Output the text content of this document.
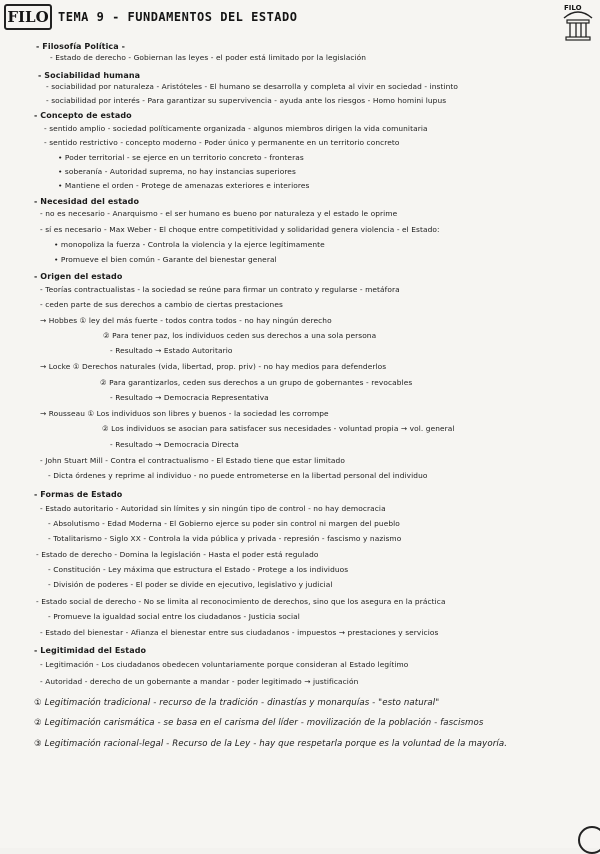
FILO TEMA 9 - FUNDAMENTOS DEL ESTADO
FILO
- Filosofía Política -
- Estado de derecho - Gobiernan las leyes - el poder está limitado por la legislación
- Sociabilidad humana
- sociabilidad por naturaleza - Aristóteles - El humano se desarrolla y completa al vivir en sociedad - instinto
- sociabilidad por interés - Para garantizar su supervivencia - ayuda ante los riesgos - Homo homini lupus
- Concepto de estado
- sentido amplio - sociedad políticamente organizada - algunos miembros dirigen la vida comunitaria
- sentido restrictivo - concepto moderno - Poder único y permanente en un territorio concreto
• Poder territorial - se ejerce en un territorio concreto - fronteras
• soberanía - Autoridad suprema, no hay instancias superiores
• Mantiene el orden - Protege de amenazas exteriores e interiores
- Necesidad del estado
- no es necesario - Anarquismo - el ser humano es bueno por naturaleza y el estado le oprime
- sí es necesario - Max Weber - El choque entre competitividad y solidaridad genera violencia - el Estado:
• monopoliza la fuerza - Controla la violencia y la ejerce legítimamente
• Promueve el bien común - Garante del bienestar general
- Origen del estado
- Teorías contractualistas - la sociedad se reúne para firmar un contrato y regularse - metáfora
- ceden parte de sus derechos a cambio de ciertas prestaciones
→ Hobbes ① ley del más fuerte - todos contra todos - no hay ningún derecho
② Para tener paz, los individuos ceden sus derechos a una sola persona
- Resultado → Estado Autoritario
→ Locke ① Derechos naturales (vida, libertad, prop. priv) - no hay medios para defenderlos
② Para garantizarlos, ceden sus derechos a un grupo de gobernantes - revocables
- Resultado → Democracia Representativa
→ Rousseau ① Los individuos son libres y buenos - la sociedad les corrompe
② Los individuos se asocian para satisfacer sus necesidades - voluntad propia → vol. general
- Resultado → Democracia Directa
- John Stuart Mill - Contra el contractualismo - El Estado tiene que estar limitado
- Dicta órdenes y reprime al individuo - no puede entrometerse en la libertad personal del individuo
- Formas de Estado
- Estado autoritario - Autoridad sin límites y sin ningún tipo de control - no hay democracia
- Absolutismo - Edad Moderna - El Gobierno ejerce su poder sin control ni margen del pueblo
- Totalitarismo - Siglo XX - Controla la vida pública y privada - represión - fascismo y nazismo
- Estado de derecho - Domina la legislación - Hasta el poder está regulado
- Constitución - Ley máxima que estructura el Estado - Protege a los individuos
- División de poderes - El poder se divide en ejecutivo, legislativo y judicial
- Estado social de derecho - No se limita al reconocimiento de derechos, sino que los asegura en la práctica
- Promueve la igualdad social entre los ciudadanos - Justicia social
- Estado del bienestar - Afianza el bienestar entre sus ciudadanos - impuestos → prestaciones y servicios
- Legitimidad del Estado
- Legitimación - Los ciudadanos obedecen voluntariamente porque consideran al Estado legítimo
- Autoridad - derecho de un gobernante a mandar - poder legitimado → justificación
① Legitimación tradicional - recurso de la tradición - dinastías y monarquías - "esto natural"
② Legitimación carismática - se basa en el carisma del líder - movilización de la población - fascismos
③ Legitimación racional-legal - Recurso de la Ley - hay que respetarla porque es la voluntad de la mayoría.
